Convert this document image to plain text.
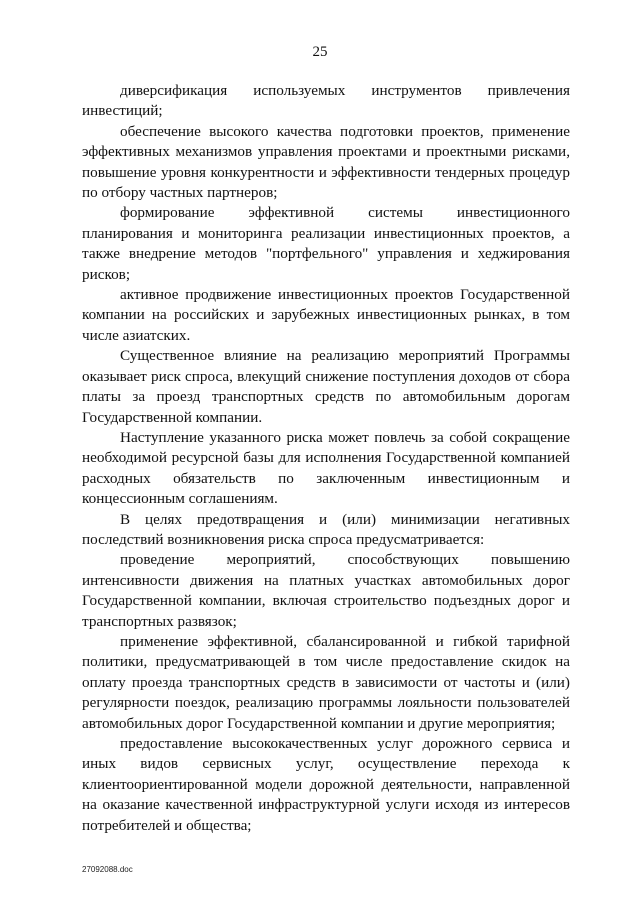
25

диверсификация используемых инструментов привлечения инвестиций;

обеспечение высокого качества подготовки проектов, применение эффективных механизмов управления проектами и проектными рисками, повышение уровня конкурентности и эффективности тендерных процедур по отбору частных партнеров;

формирование эффективной системы инвестиционного планирования и мониторинга реализации инвестиционных проектов, а также внедрение методов "портфельного" управления и хеджирования рисков;

активное продвижение инвестиционных проектов Государственной компании на российских и зарубежных инвестиционных рынках, в том числе азиатских.

Существенное влияние на реализацию мероприятий Программы оказывает риск спроса, влекущий снижение поступления доходов от сбора платы за проезд транспортных средств по автомобильным дорогам Государственной компании.

Наступление указанного риска может повлечь за собой сокращение необходимой ресурсной базы для исполнения Государственной компанией расходных обязательств по заключенным инвестиционным и концессионным соглашениям.

В целях предотвращения и (или) минимизации негативных последствий возникновения риска спроса предусматривается:

проведение мероприятий, способствующих повышению интенсивности движения на платных участках автомобильных дорог Государственной компании, включая строительство подъездных дорог и транспортных развязок;

применение эффективной, сбалансированной и гибкой тарифной политики, предусматривающей в том числе предоставление скидок на оплату проезда транспортных средств в зависимости от частоты и (или) регулярности поездок, реализацию программы лояльности пользователей автомобильных дорог Государственной компании и другие мероприятия;

предоставление высококачественных услуг дорожного сервиса и иных видов сервисных услуг, осуществление перехода к клиентоориентированной модели дорожной деятельности, направленной на оказание качественной инфраструктурной услуги исходя из интересов потребителей и общества;

27092088.doc
